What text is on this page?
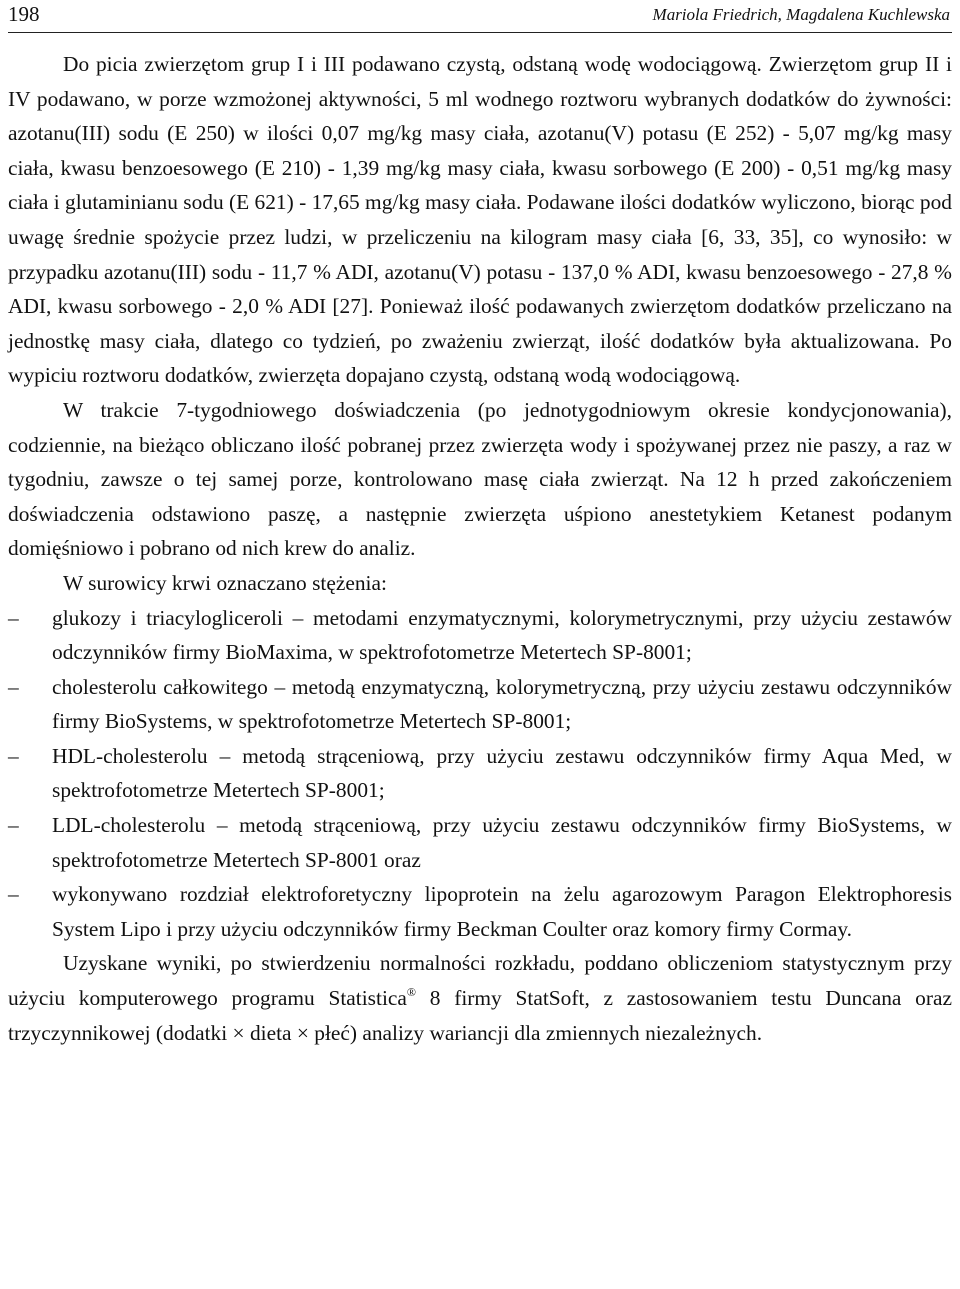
198	Mariola Friedrich, Magdalena Kuchlewska

Do picia zwierzętom grup I i III podawano czystą, odstaną wodę wodociągową. Zwierzętom grup II i IV podawano, w porze wzmożonej aktywności, 5 ml wodnego roztworu wybranych dodatków do żywności: azotanu(III) sodu (E 250) w ilości 0,07 mg/kg masy ciała, azotanu(V) potasu (E 252) - 5,07 mg/kg masy ciała, kwasu benzoesowego (E 210) - 1,39 mg/kg masy ciała, kwasu sorbowego (E 200) - 0,51 mg/kg masy ciała i glutaminianu sodu (E 621) - 17,65 mg/kg masy ciała. Podawane ilości dodatków wyliczono, biorąc pod uwagę średnie spożycie przez ludzi, w przeliczeniu na kilogram masy ciała [6, 33, 35], co wynosiło: w przypadku azotanu(III) sodu - 11,7 % ADI, azotanu(V) potasu - 137,0 % ADI, kwasu benzoesowego - 27,8 % ADI, kwasu sorbowego - 2,0 % ADI [27]. Ponieważ ilość podawanych zwierzętom dodatków przeliczano na jednostkę masy ciała, dlatego co tydzień, po zważeniu zwierząt, ilość dodatków była aktualizowana. Po wypiciu roztworu dodatków, zwierzęta dopajano czystą, odstaną wodą wodociągową.

W trakcie 7-tygodniowego doświadczenia (po jednotygodniowym okresie kondycjonowania), codziennie, na bieżąco obliczano ilość pobranej przez zwierzęta wody i spożywanej przez nie paszy, a raz w tygodniu, zawsze o tej samej porze, kontrolowano masę ciała zwierząt. Na 12 h przed zakończeniem doświadczenia odstawiono paszę, a następnie zwierzęta uśpiono anestetykiem Ketanest podanym domięśniowo i pobrano od nich krew do analiz.

W surowicy krwi oznaczano stężenia:

– glukozy i triacylogliceroli – metodami enzymatycznymi, kolorymetrycznymi, przy użyciu zestawów odczynników firmy BioMaxima, w spektrofotometrze Metertech SP-8001;
– cholesterolu całkowitego – metodą enzymatyczną, kolorymetryczną, przy użyciu zestawu odczynników firmy BioSystems, w spektrofotometrze Metertech SP-8001;
– HDL-cholesterolu – metodą strąceniową, przy użyciu zestawu odczynników firmy Aqua Med, w spektrofotometrze Metertech SP-8001;
– LDL-cholesterolu – metodą strąceniową, przy użyciu zestawu odczynników firmy BioSystems, w spektrofotometrze Metertech SP-8001 oraz
– wykonywano rozdział elektroforetyczny lipoprotein na żelu agarozowym Paragon Elektrophoresis System Lipo i przy użyciu odczynników firmy Beckman Coulter oraz komory firmy Cormay.

Uzyskane wyniki, po stwierdzeniu normalności rozkładu, poddano obliczeniom statystycznym przy użyciu komputerowego programu Statistica® 8 firmy StatSoft, z zastosowaniem testu Duncana oraz trzyczynnikowej (dodatki × dieta × płeć) analizy wariancji dla zmiennych niezależnych.
